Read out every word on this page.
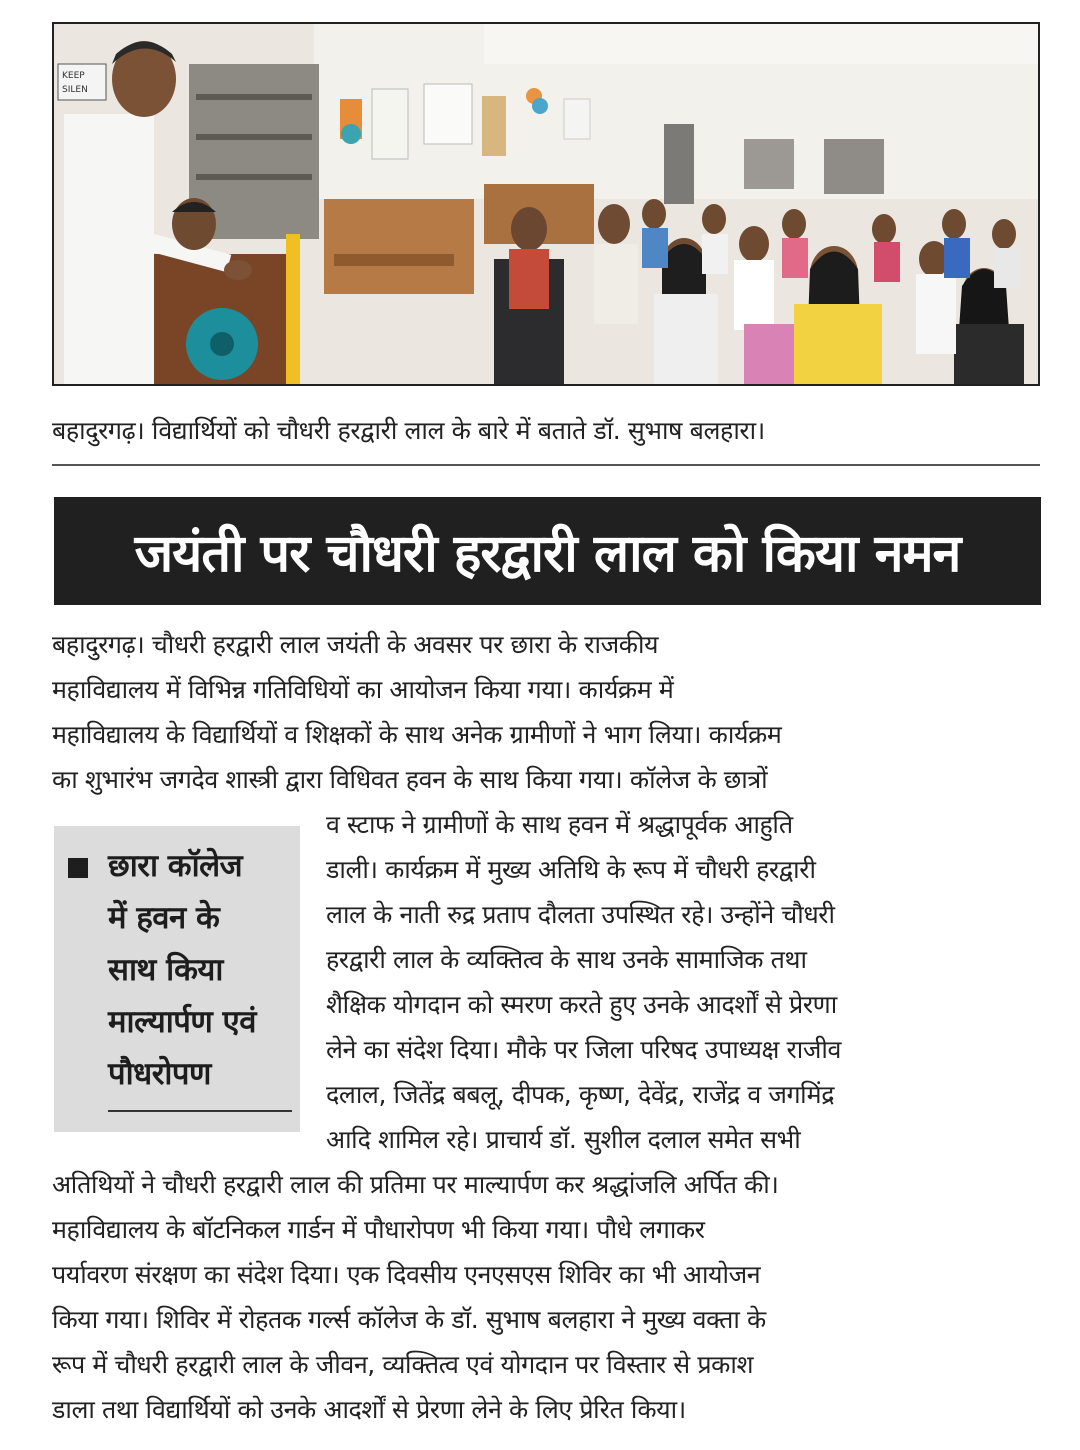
KEEP
SILEN
बहादुरगढ़। विद्यार्थियों को चौधरी हरद्वारी लाल के बारे में बताते डॉ. सुभाष बलहारा।
जयंती पर चौधरी हरद्वारी लाल को किया नमन

बहादुरगढ़। चौधरी हरद्वारी लाल जयंती के अवसर पर छारा के राजकीय
महाविद्यालय में विभिन्न गतिविधियों का आयोजन किया गया। कार्यक्रम में
महाविद्यालय के विद्यार्थियों व शिक्षकों के साथ अनेक ग्रामीणों ने भाग लिया। कार्यक्रम
का शुभारंभ जगदेव शास्त्री द्वारा विधिवत हवन के साथ किया गया। कॉलेज के छात्रों

छारा कॉलेज
में हवन के
साथ किया
माल्यार्पण एवं
पौधरोपण

व स्टाफ ने ग्रामीणों के साथ हवन में श्रद्धापूर्वक आहुति
डाली। कार्यक्रम में मुख्य अतिथि के रूप में चौधरी हरद्वारी
लाल के नाती रुद्र प्रताप दौलता उपस्थित रहे। उन्होंने चौधरी
हरद्वारी लाल के व्यक्तित्व के साथ उनके सामाजिक तथा
शैक्षिक योगदान को स्मरण करते हुए उनके आदर्शों से प्रेरणा
लेने का संदेश दिया। मौके पर जिला परिषद उपाध्यक्ष राजीव
दलाल, जितेंद्र बबलू, दीपक, कृष्ण, देवेंद्र, राजेंद्र व जगमिंद्र
आदि शामिल रहे। प्राचार्य डॉ. सुशील दलाल समेत सभी

अतिथियों ने चौधरी हरद्वारी लाल की प्रतिमा पर माल्यार्पण कर श्रद्धांजलि अर्पित की।
महाविद्यालय के बॉटनिकल गार्डन में पौधारोपण भी किया गया। पौधे लगाकर
पर्यावरण संरक्षण का संदेश दिया। एक दिवसीय एनएसएस शिविर का भी आयोजन
किया गया। शिविर में रोहतक गर्ल्स कॉलेज के डॉ. सुभाष बलहारा ने मुख्य वक्ता के
रूप में चौधरी हरद्वारी लाल के जीवन, व्यक्तित्व एवं योगदान पर विस्तार से प्रकाश
डाला तथा विद्यार्थियों को उनके आदर्शों से प्रेरणा लेने के लिए प्रेरित किया।
